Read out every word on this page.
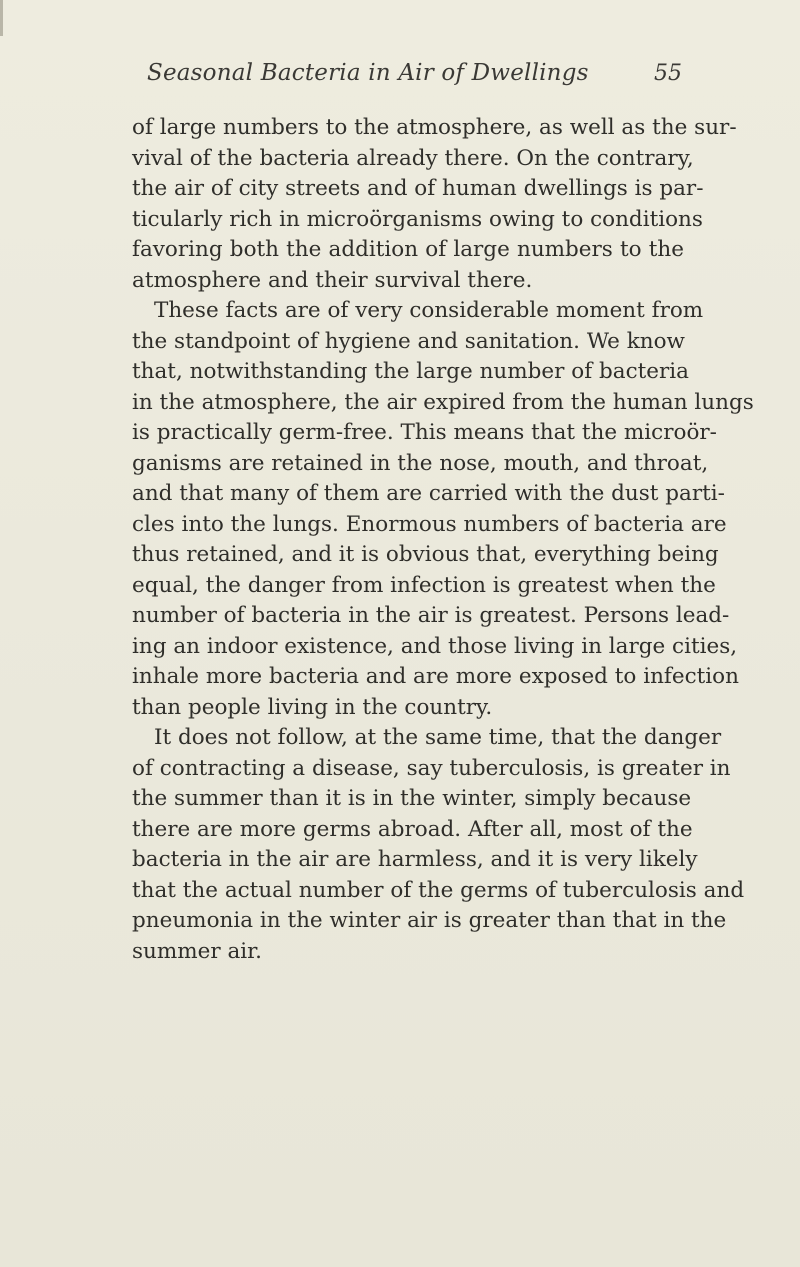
Seasonal Bacteria in Air of Dwellings	55
of large numbers to the atmosphere, as well as the sur-
vival of the bacteria already there. On the contrary,
the air of city streets and of human dwellings is par-
ticularly rich in microörganisms owing to conditions
favoring both the addition of large numbers to the
atmosphere and their survival there.
These facts are of very considerable moment from
the standpoint of hygiene and sanitation. We know
that, notwithstanding the large number of bacteria
in the atmosphere, the air expired from the human lungs
is practically germ-free. This means that the microör-
ganisms are retained in the nose, mouth, and throat,
and that many of them are carried with the dust parti-
cles into the lungs. Enormous numbers of bacteria are
thus retained, and it is obvious that, everything being
equal, the danger from infection is greatest when the
number of bacteria in the air is greatest. Persons lead-
ing an indoor existence, and those living in large cities,
inhale more bacteria and are more exposed to infection
than people living in the country.
It does not follow, at the same time, that the danger
of contracting a disease, say tuberculosis, is greater in
the summer than it is in the winter, simply because
there are more germs abroad. After all, most of the
bacteria in the air are harmless, and it is very likely
that the actual number of the germs of tuberculosis and
pneumonia in the winter air is greater than that in the
summer air.
